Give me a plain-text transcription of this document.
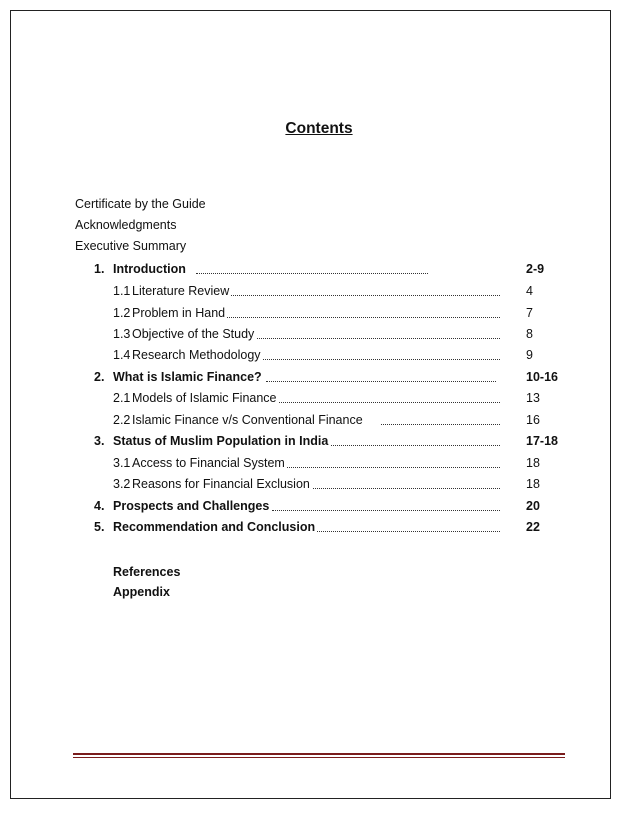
Contents
Certificate by the Guide
Acknowledgments
Executive Summary
1. Introduction	2-9
1.1 Literature Review	4
1.2 Problem in Hand	7
1.3 Objective of the Study	8
1.4 Research Methodology	9
2. What is Islamic Finance?	10-16
2.1 Models of Islamic Finance	13
2.2 Islamic Finance v/s Conventional Finance	16
3. Status of Muslim Population in India	17-18
3.1 Access to Financial System	18
3.2 Reasons for Financial Exclusion	18
4. Prospects and Challenges	20
5. Recommendation and Conclusion	22
References
Appendix
